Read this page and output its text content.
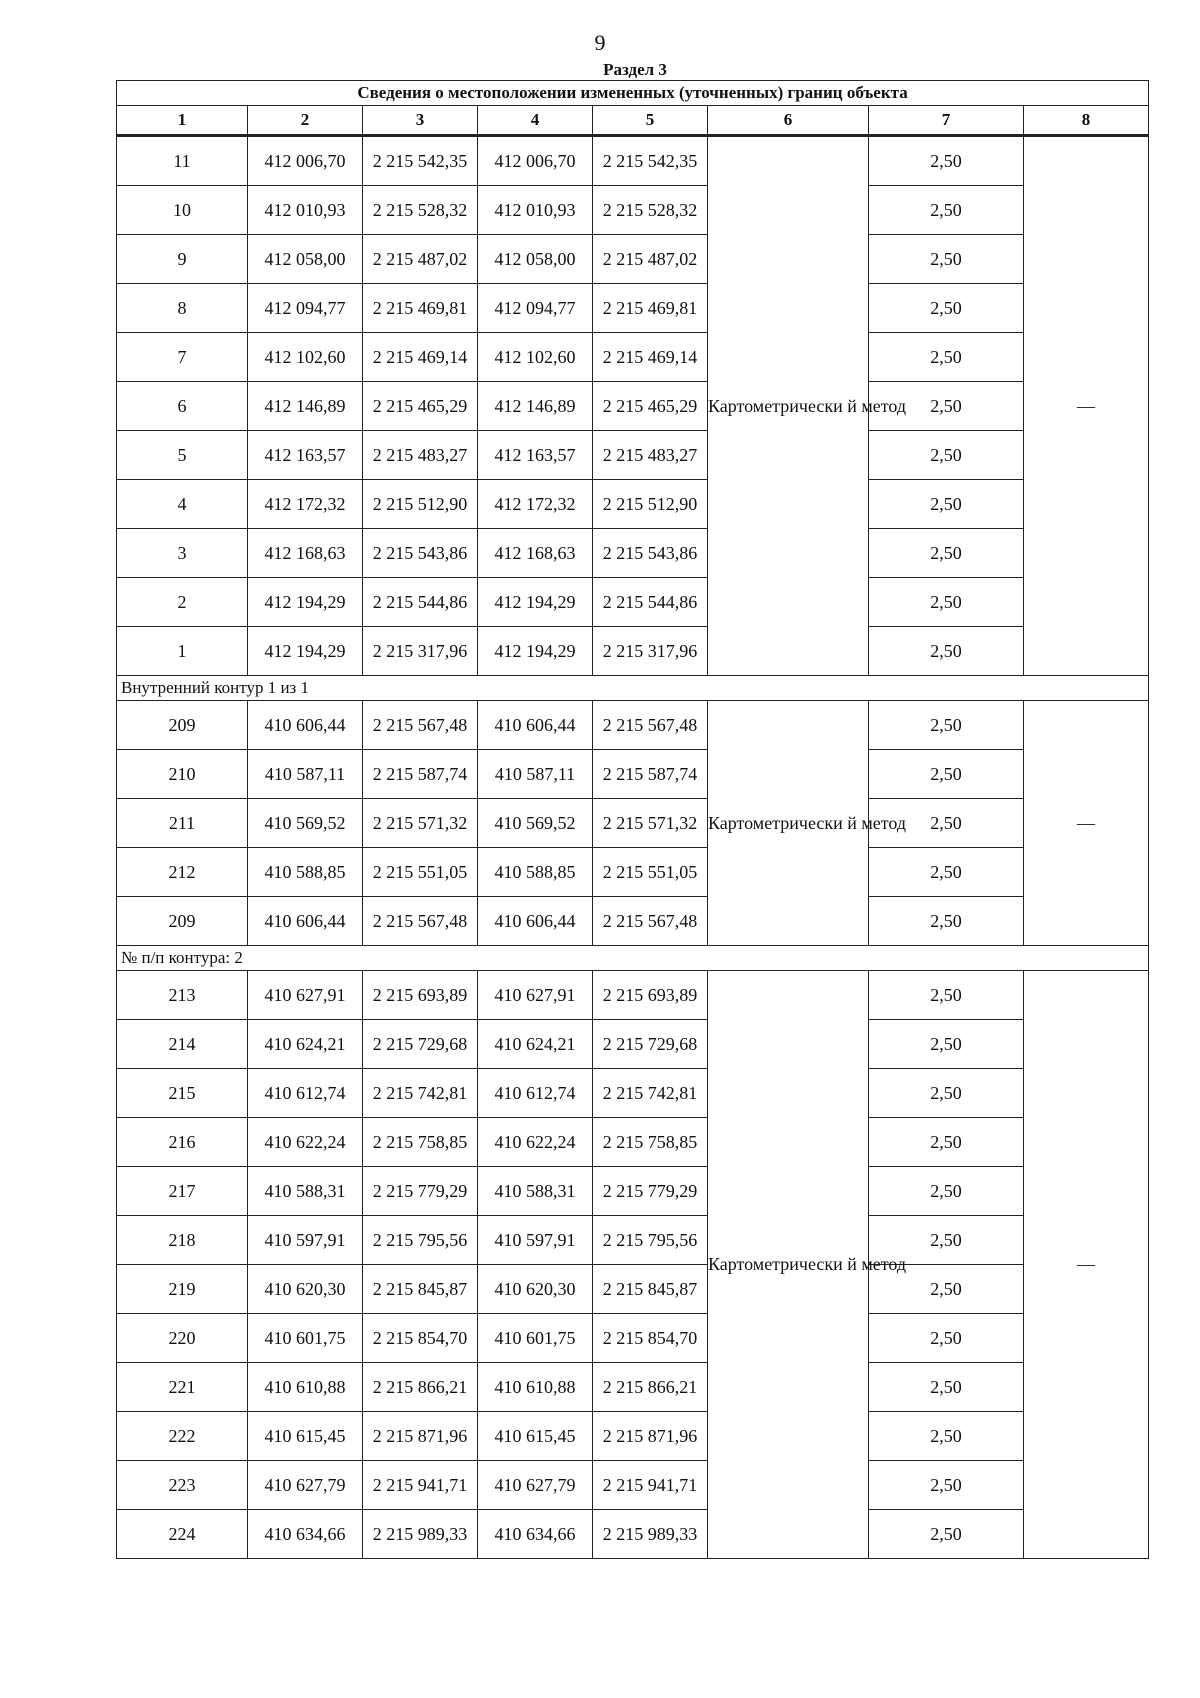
9
Раздел 3
Сведения о местоположении измененных (уточненных) границ объекта							
1	2	3	4	5	6	7	8
11	412 006,70	2 215 542,35	412 006,70	2 215 542,35	Картометрически й метод	2,50	—
10	412 010,93	2 215 528,32	412 010,93	2 215 528,32		2,50	
9	412 058,00	2 215 487,02	412 058,00	2 215 487,02		2,50	
8	412 094,77	2 215 469,81	412 094,77	2 215 469,81		2,50	
7	412 102,60	2 215 469,14	412 102,60	2 215 469,14		2,50	
6	412 146,89	2 215 465,29	412 146,89	2 215 465,29		2,50	
5	412 163,57	2 215 483,27	412 163,57	2 215 483,27		2,50	
4	412 172,32	2 215 512,90	412 172,32	2 215 512,90		2,50	
3	412 168,63	2 215 543,86	412 168,63	2 215 543,86		2,50	
2	412 194,29	2 215 544,86	412 194,29	2 215 544,86		2,50	
1	412 194,29	2 215 317,96	412 194,29	2 215 317,96		2,50	
Внутренний контур 1 из 1							
209	410 606,44	2 215 567,48	410 606,44	2 215 567,48	Картометрически й метод	2,50	—
210	410 587,11	2 215 587,74	410 587,11	2 215 587,74		2,50	
211	410 569,52	2 215 571,32	410 569,52	2 215 571,32		2,50	
212	410 588,85	2 215 551,05	410 588,85	2 215 551,05		2,50	
209	410 606,44	2 215 567,48	410 606,44	2 215 567,48		2,50	
№ п/п контура: 2							
213	410 627,91	2 215 693,89	410 627,91	2 215 693,89	Картометрически й метод	2,50	—
214	410 624,21	2 215 729,68	410 624,21	2 215 729,68		2,50	
215	410 612,74	2 215 742,81	410 612,74	2 215 742,81		2,50	
216	410 622,24	2 215 758,85	410 622,24	2 215 758,85		2,50	
217	410 588,31	2 215 779,29	410 588,31	2 215 779,29		2,50	
218	410 597,91	2 215 795,56	410 597,91	2 215 795,56		2,50	
219	410 620,30	2 215 845,87	410 620,30	2 215 845,87		2,50	
220	410 601,75	2 215 854,70	410 601,75	2 215 854,70		2,50	
221	410 610,88	2 215 866,21	410 610,88	2 215 866,21		2,50	
222	410 615,45	2 215 871,96	410 615,45	2 215 871,96		2,50	
223	410 627,79	2 215 941,71	410 627,79	2 215 941,71		2,50	
224	410 634,66	2 215 989,33	410 634,66	2 215 989,33		2,50	
